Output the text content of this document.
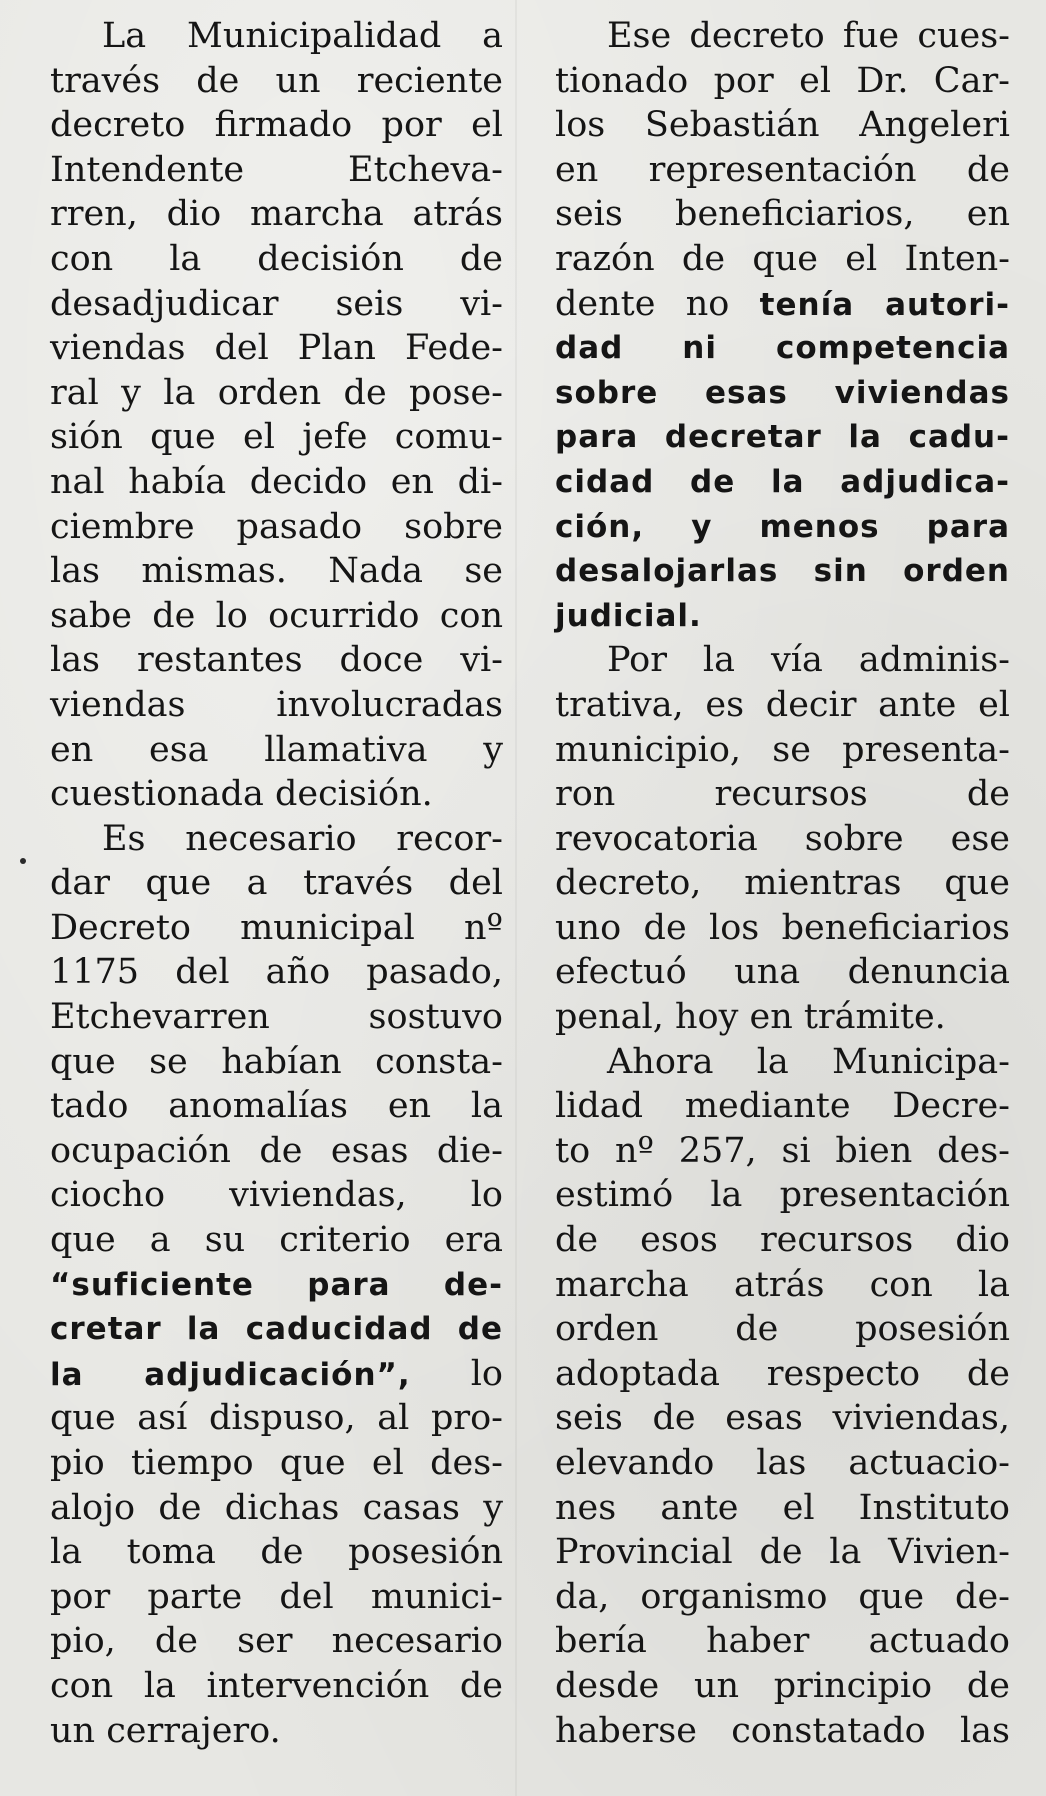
La Municipalidad a
través de un reciente
decreto firmado por el
Intendente Etcheva-
rren, dio marcha atrás
con la decisión de
desadjudicar seis vi-
viendas del Plan Fede-
ral y la orden de pose-
sión que el jefe comu-
nal había decido en di-
ciembre pasado sobre
las mismas. Nada se
sabe de lo ocurrido con
las restantes doce vi-
viendas involucradas
en esa llamativa y
cuestionada decisión.
Es necesario recor-
dar que a través del
Decreto municipal nº
1175 del año pasado,
Etchevarren sostuvo
que se habían consta-
tado anomalías en la
ocupación de esas die-
ciocho viviendas, lo
que a su criterio era
“suficiente para de-
cretar la caducidad de
la adjudicación”, lo
que así dispuso, al pro-
pio tiempo que el des-
alojo de dichas casas y
la toma de posesión
por parte del munici-
pio, de ser necesario
con la intervención de
un cerrajero.
Ese decreto fue cues-
tionado por el Dr. Car-
los Sebastián Angeleri
en representación de
seis beneficiarios, en
razón de que el Inten-
dente no tenía autori-
dad ni competencia
sobre esas viviendas
para decretar la cadu-
cidad de la adjudica-
ción, y menos para
desalojarlas sin orden
judicial.
Por la vía adminis-
trativa, es decir ante el
municipio, se presenta-
ron recursos de
revocatoria sobre ese
decreto, mientras que
uno de los beneficiarios
efectuó una denuncia
penal, hoy en trámite.
Ahora la Municipa-
lidad mediante Decre-
to nº 257, si bien des-
estimó la presentación
de esos recursos dio
marcha atrás con la
orden de posesión
adoptada respecto de
seis de esas viviendas,
elevando las actuacio-
nes ante el Instituto
Provincial de la Vivien-
da, organismo que de-
bería haber actuado
desde un principio de
haberse constatado las
